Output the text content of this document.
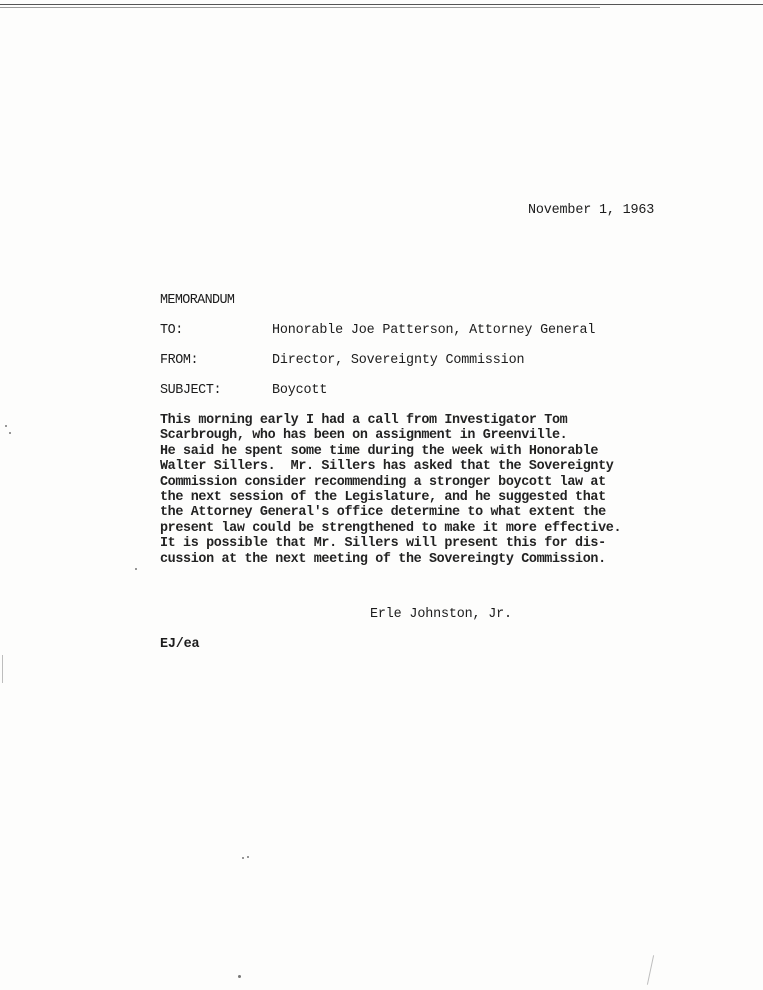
November 1, 1963
MEMORANDUM
TO:	Honorable Joe Patterson, Attorney General
FROM:	Director, Sovereignty Commission
SUBJECT:	Boycott
This morning early I had a call from Investigator Tom
Scarbrough, who has been on assignment in Greenville.
He said he spent some time during the week with Honorable
Walter Sillers.  Mr. Sillers has asked that the Sovereignty
Commission consider recommending a stronger boycott law at
the next session of the Legislature, and he suggested that
the Attorney General's office determine to what extent the
present law could be strengthened to make it more effective.
It is possible that Mr. Sillers will present this for dis-
cussion at the next meeting of the Sovereingty Commission.
Erle Johnston, Jr.
EJ/ea
